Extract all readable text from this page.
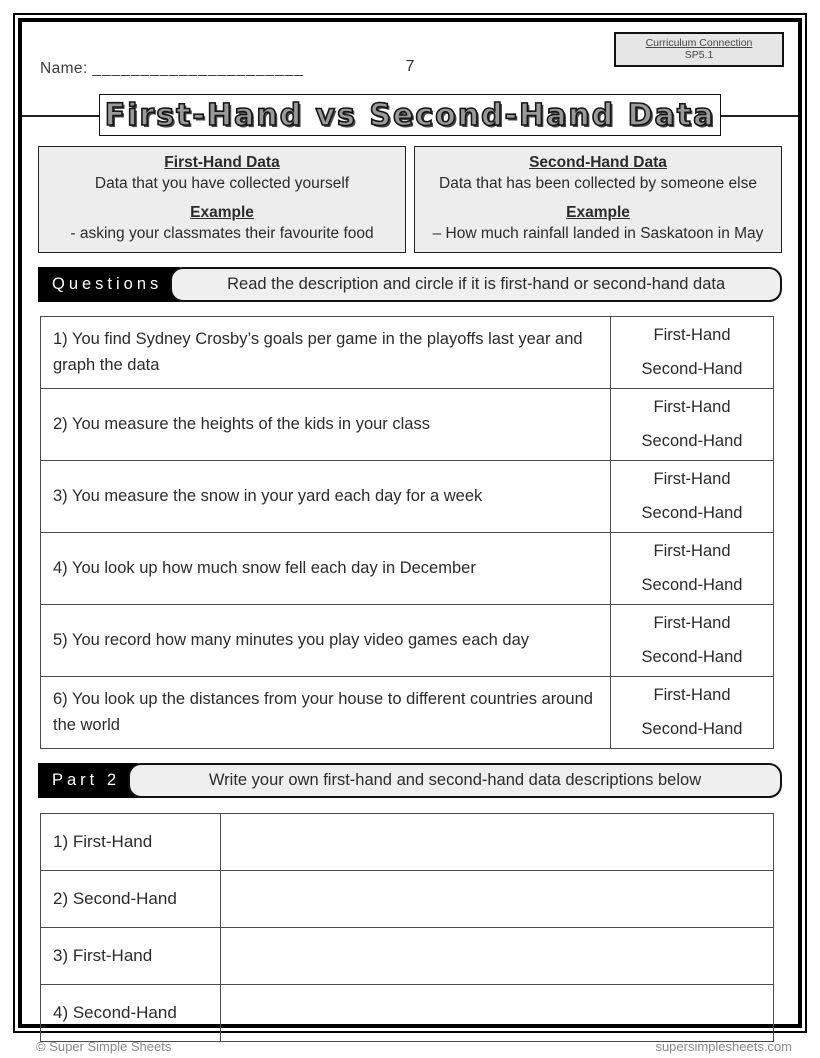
Name: ______________________	7
Curriculum Connection
SP5.1
First-Hand vs Second-Hand Data
First-Hand Data
Data that you have collected yourself
Example
- asking your classmates their favourite food
Second-Hand Data
Data that has been collected by someone else
Example
– How much rainfall landed in Saskatoon in May
Questions	Read the description and circle if it is first-hand or second-hand data
1) You find Sydney Crosby’s goals per game in the playoffs last year and graph the data	First-Hand
Second-Hand

2) You measure the heights of the kids in your class	First-Hand
Second-Hand

3) You measure the snow in your yard each day for a week	First-Hand
Second-Hand

4) You look up how much snow fell each day in December	First-Hand
Second-Hand

5) You record how many minutes you play video games each day	First-Hand
Second-Hand

6) You look up the distances from your house to different countries around the world	First-Hand
Second-Hand
Part 2	Write your own first-hand and second-hand data descriptions below
1) First-Hand	
2) Second-Hand	
3) First-Hand	
4) Second-Hand	
© Super Simple Sheets	supersimplesheets.com
